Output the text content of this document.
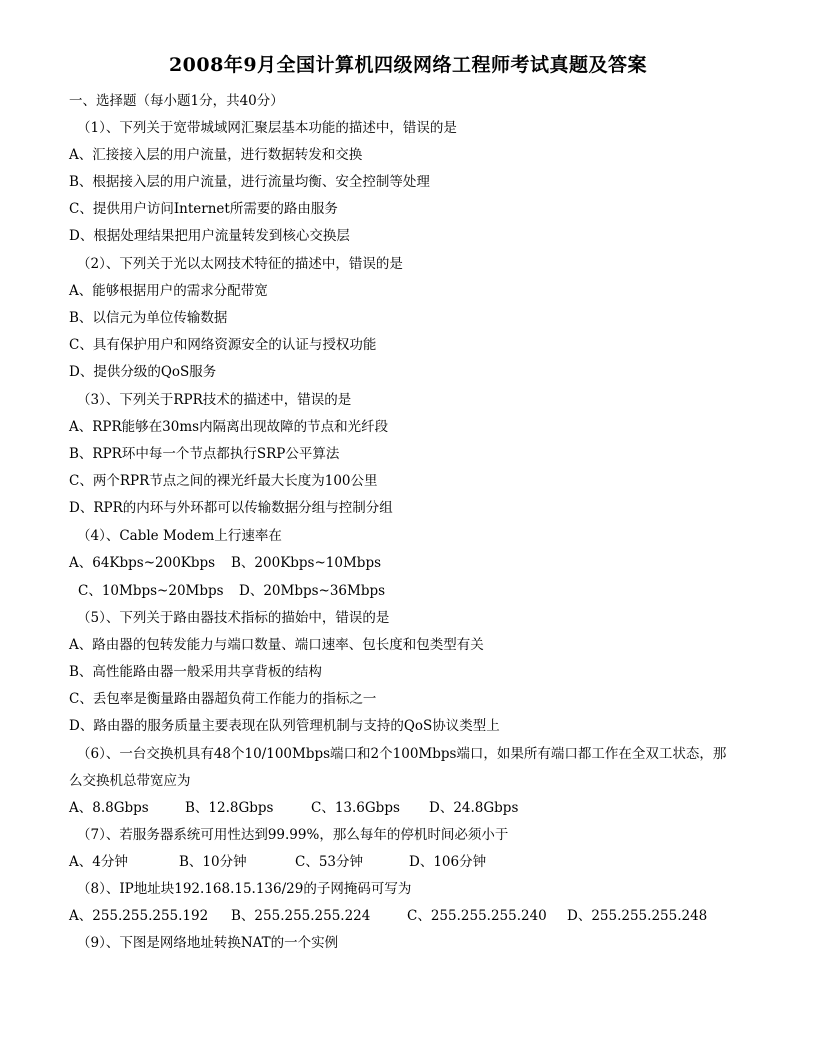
2008年9月全国计算机四级网络工程师考试真题及答案
一、选择题（每小题1分，共40分）
（1）、下列关于宽带城域网汇聚层基本功能的描述中，错误的是
A、汇接接入层的用户流量，进行数据转发和交换
B、根据接入层的用户流量，进行流量均衡、安全控制等处理
C、提供用户访问Internet所需要的路由服务
D、根据处理结果把用户流量转发到核心交换层
（2）、下列关于光以太网技术特征的描述中，错误的是
A、能够根据用户的需求分配带宽
B、以信元为单位传输数据
C、具有保护用户和网络资源安全的认证与授权功能
D、提供分级的QoS服务
（3）、下列关于RPR技术的描述中，错误的是
A、RPR能够在30ms内隔离出现故障的节点和光纤段
B、RPR环中每一个节点都执行SRP公平算法
C、两个RPR节点之间的裸光纤最大长度为100公里
D、RPR的内环与外环都可以传输数据分组与控制分组
（4）、Cable Modem上行速率在
A、64Kbps~200Kbps B、200Kbps~10Mbps
C、10Mbps~20Mbps D、20Mbps~36Mbps
（5）、下列关于路由器技术指标的描始中，错误的是
A、路由器的包转发能力与端口数量、端口速率、包长度和包类型有关
B、高性能路由器一般采用共享背板的结构
C、丢包率是衡量路由器超负荷工作能力的指标之一
D、路由器的服务质量主要表现在队列管理机制与支持的QoS协议类型上
（6）、一台交换机具有48个10/100Mbps端口和2个100Mbps端口，如果所有端口都工作在全双工状态，那
么交换机总带宽应为
A、8.8Gbps	B、12.8Gbps	C、13.6Gbps D、24.8Gbps
（7）、若服务器系统可用性达到99.99%，那么每年的停机时间必须小于
A、4分钟	B、10分钟	C、53分钟	D、106分钟
（8）、IP地址块192.168.15.136/29的子网掩码可写为
A、255.255.255.192 B、255.255.255.224	C、255.255.255.240 D、255.255.255.248
（9）、下图是网络地址转换NAT的一个实例
